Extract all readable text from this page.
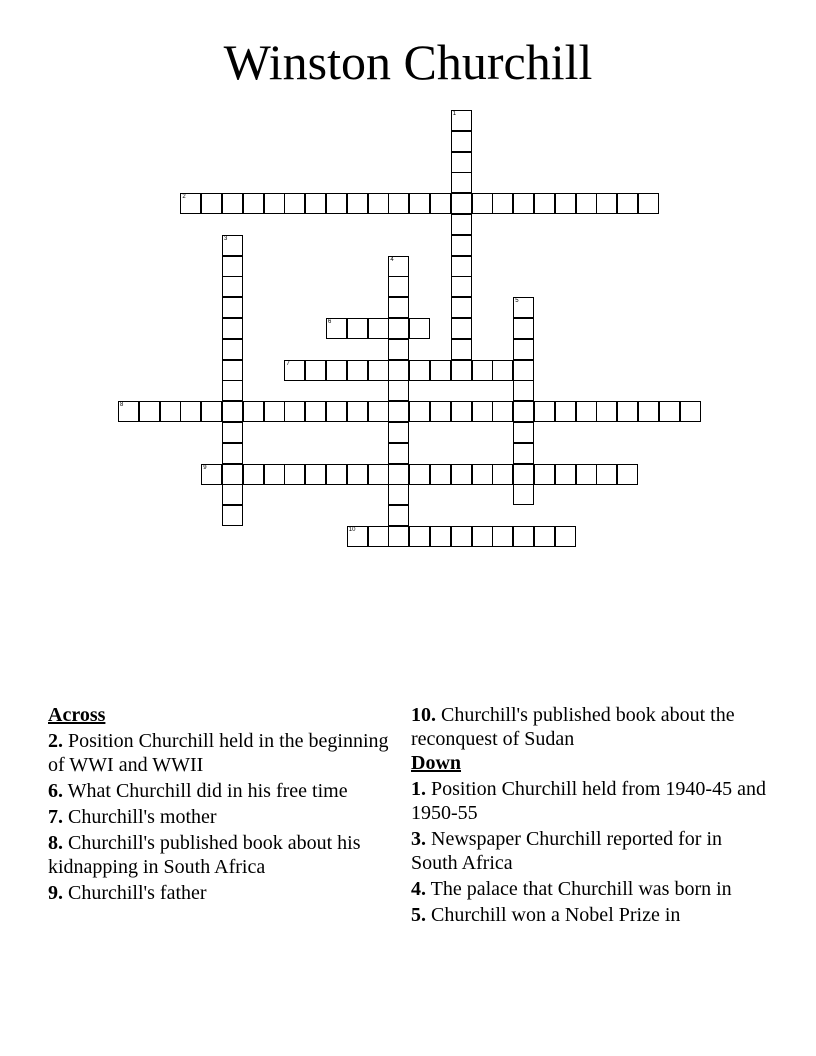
Winston Churchill
1
2
3
4
5
6
7
8
9
10
Across
2. Position Churchill held in the beginning of WWI and WWII
6. What Churchill did in his free time
7. Churchill's mother
8. Churchill's published book about his kidnapping in South Africa
9. Churchill's father
10. Churchill's published book about the reconquest of Sudan
Down
1. Position Churchill held from 1940-45 and 1950-55
3. Newspaper Churchill reported for in South Africa
4. The palace that Churchill was born in
5. Churchill won a Nobel Prize in
